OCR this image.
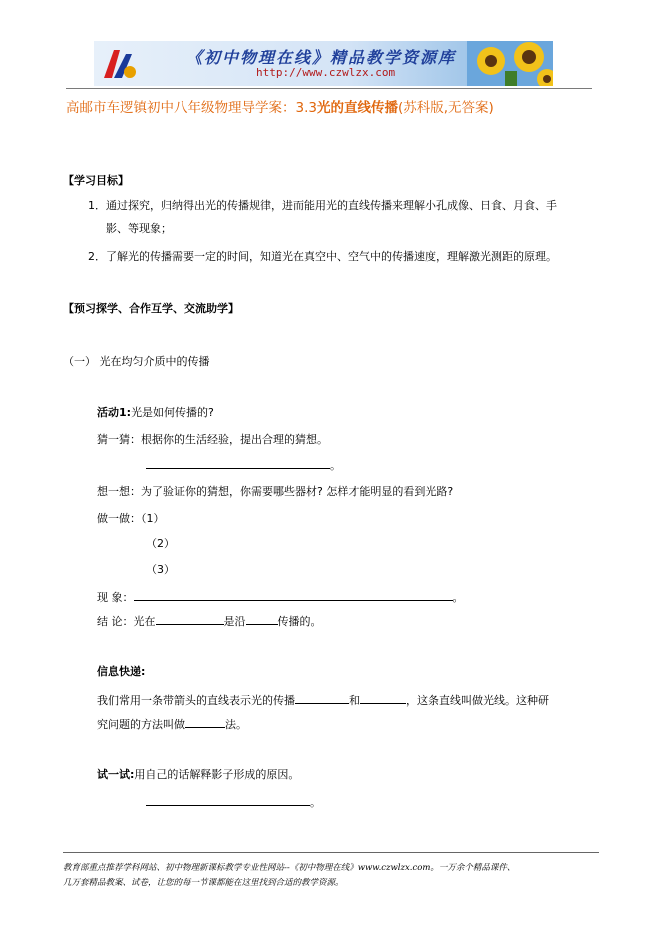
《初中物理在线》精品教学资源库
http://www.czwlzx.com
高邮市车逻镇初中八年级物理导学案：3.3光的直线传播(苏科版,无答案)
【学习目标】
1．通过探究，归纳得出光的传播规律，进而能用光的直线传播来理解小孔成像、日食、月食、手
影、等现象；
2．了解光的传播需要一定的时间，知道光在真空中、空气中的传播速度，理解激光测距的原理。
【预习探学、合作互学、交流助学】
（一） 光在均匀介质中的传播
活动1:光是如何传播的?
猜一猜：根据你的生活经验，提出合理的猜想。
。
想一想：为了验证你的猜想，你需要哪些器材? 怎样才能明显的看到光路?
做一做：（1）
（2）
（3）
现 象：	。
结 论：光在	是沿	传播的。
信息快递:
我们常用一条带箭头的直线表示光的传播	和	，这条直线叫做光线。这种研
究问题的方法叫做	法。
试一试:用自己的话解释影子形成的原因。
。
教育部重点推荐学科网站、初中物理新课标教学专业性网站--《初中物理在线》www.czwlzx.com。一万余个精品课件、
几万套精品教案、试卷，让您的每一节课都能在这里找到合适的教学资源。
